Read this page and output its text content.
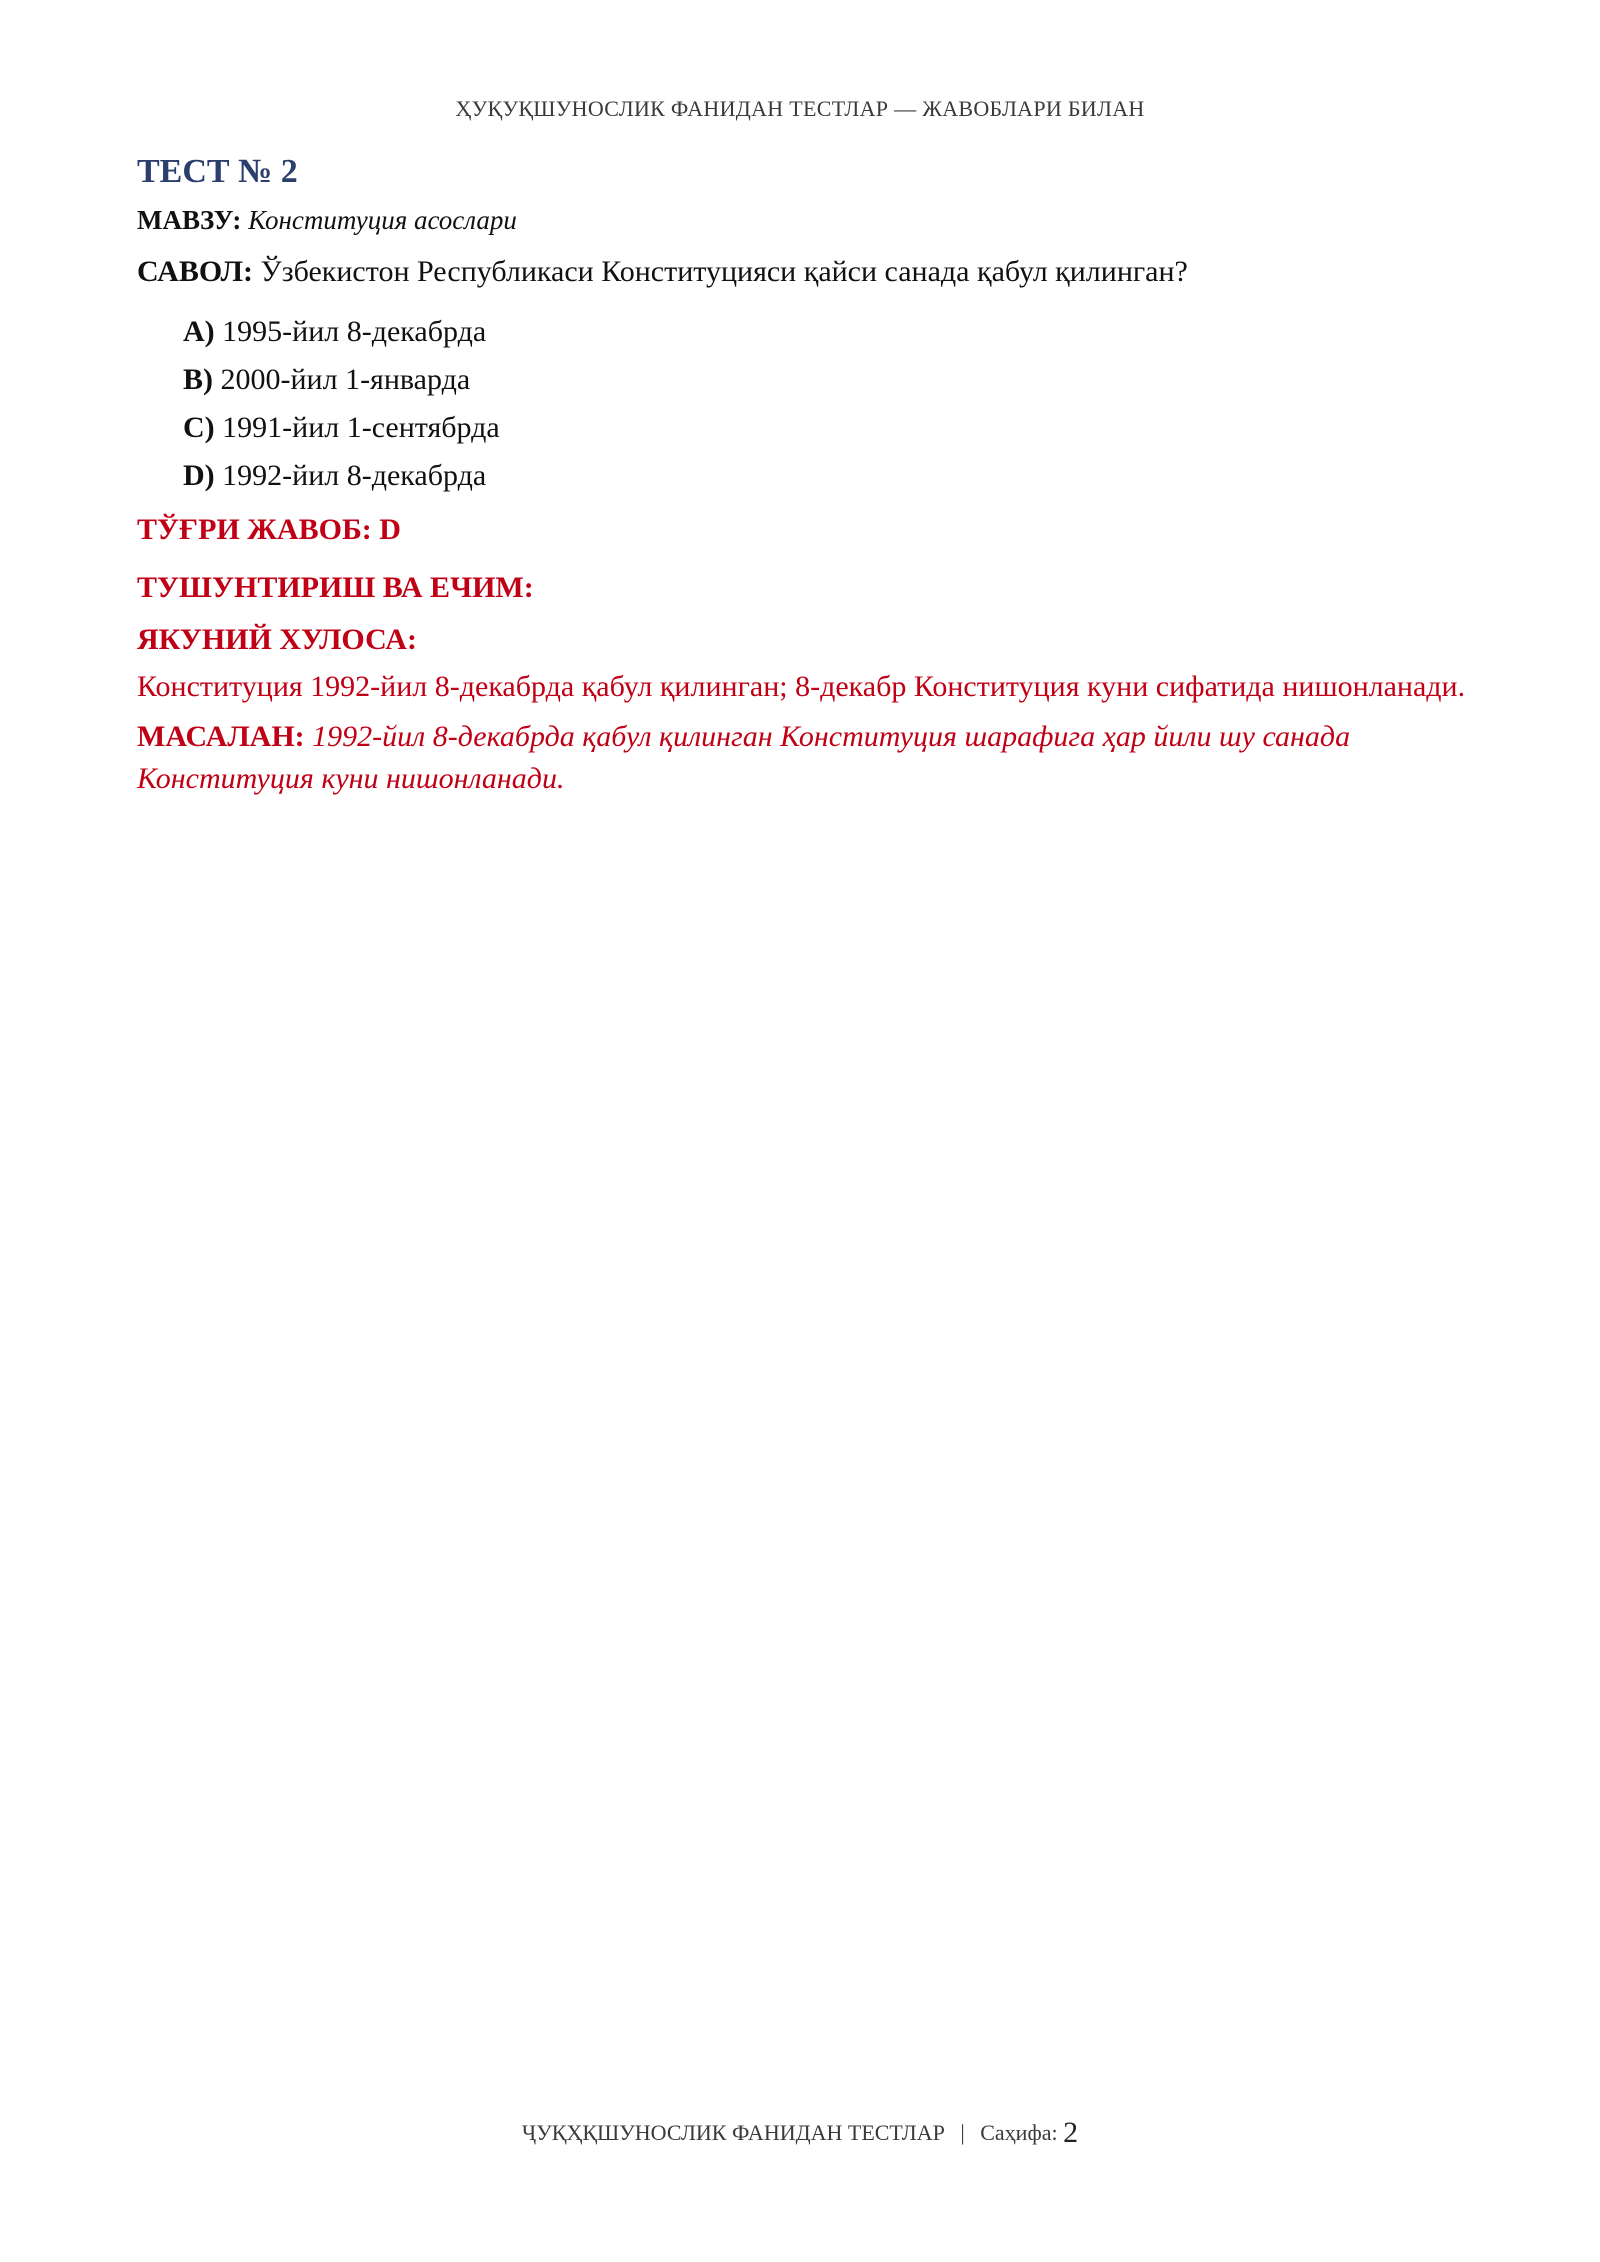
ҲУҚУҚШУНОСЛИК ФАНИДАН ТЕСТЛАР — ЖАВОБЛАРИ БИЛАН
ТЕСТ № 2
МАВЗУ: Конституция асослари
САВОЛ: Ўзбекистон Республикаси Конституцияси қайси санада қабул қилинган?
A) 1995-йил 8-декабрда
B) 2000-йил 1-январда
C) 1991-йил 1-сентябрда
D) 1992-йил 8-декабрда
ТЎҒРИ ЖАВОБ: D
ТУШУНТИРИШ ВА ЕЧИМ:
ЯКУНИЙ ХУЛОСА:
Конституция 1992-йил 8-декабрда қабул қилинган; 8-декабр Конституция куни сифатида нишонланади.
МАСАЛАН: 1992-йил 8-декабрда қабул қилинган Конституция шарафига ҳар йили шу санада Конституция куни нишонланади.
ҶУҚҲҚШУНОСЛИК ФАНИДАН ТЕСТЛАР | Саҳифа: 2
